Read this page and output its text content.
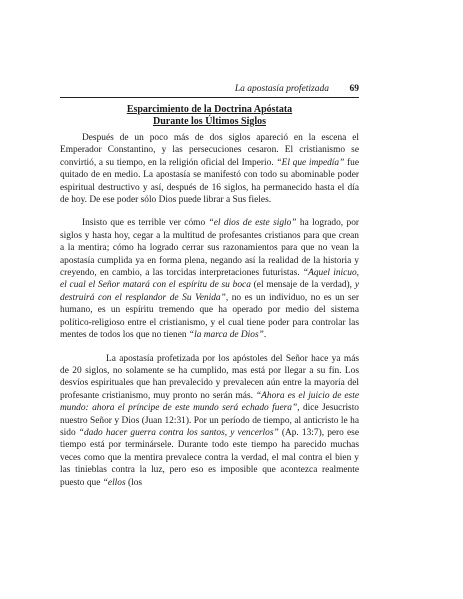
La apostasía profetizada 69
Esparcimiento de la Doctrina Apóstata
Durante los Últimos Siglos

Después de un poco más de dos siglos apareció en la escena el Emperador Constantino, y las persecuciones cesaron. El cristianismo se convirtió, a su tiempo, en la religión oficial del Imperio. “El que impedía” fue quitado de en medio. La apostasía se manifestó con todo su abominable poder espiritual destructivo y así, después de 16 siglos, ha permanecido hasta el día de hoy. De ese poder sólo Dios puede librar a Sus fieles.

Insisto que es terrible ver cómo “el dios de este siglo” ha logrado, por siglos y hasta hoy, cegar a la multitud de profesantes cristianos para que crean a la mentira; cómo ha logrado cerrar sus razonamientos para que no vean la apostasía cumplida ya en forma plena, negando así la realidad de la historia y creyendo, en cambio, a las torcidas interpretaciones futuristas. “Aquel inicuo, el cual el Señor matará con el espíritu de su boca (el mensaje de la verdad), y destruirá con el resplandor de Su Venida”, no es un individuo, no es un ser humano, es un espíritu tremendo que ha operado por medio del sistema político-religioso entre el cristianismo, y el cual tiene poder para controlar las mentes de todos los que no tienen “la marca de Dios”.

La apostasía profetizada por los apóstoles del Señor hace ya más de 20 siglos, no solamente se ha cumplido, mas está por llegar a su fin. Los desvíos espirituales que han prevalecido y prevalecen aún entre la mayoría del profesante cristianismo, muy pronto no serán más. “Ahora es el juicio de este mundo: ahora el príncipe de este mundo será echado fuera”, dice Jesucristo nuestro Señor y Dios (Juan 12:31). Por un período de tiempo, al anticristo le ha sido “dado hacer guerra contra los santos, y vencerlos” (Ap. 13:7), pero ese tiempo está por terminársele. Durante todo este tiempo ha parecido muchas veces como que la mentira prevalece contra la verdad, el mal contra el bien y las tinieblas contra la luz, pero eso es imposible que acontezca realmente puesto que “ellos (los
